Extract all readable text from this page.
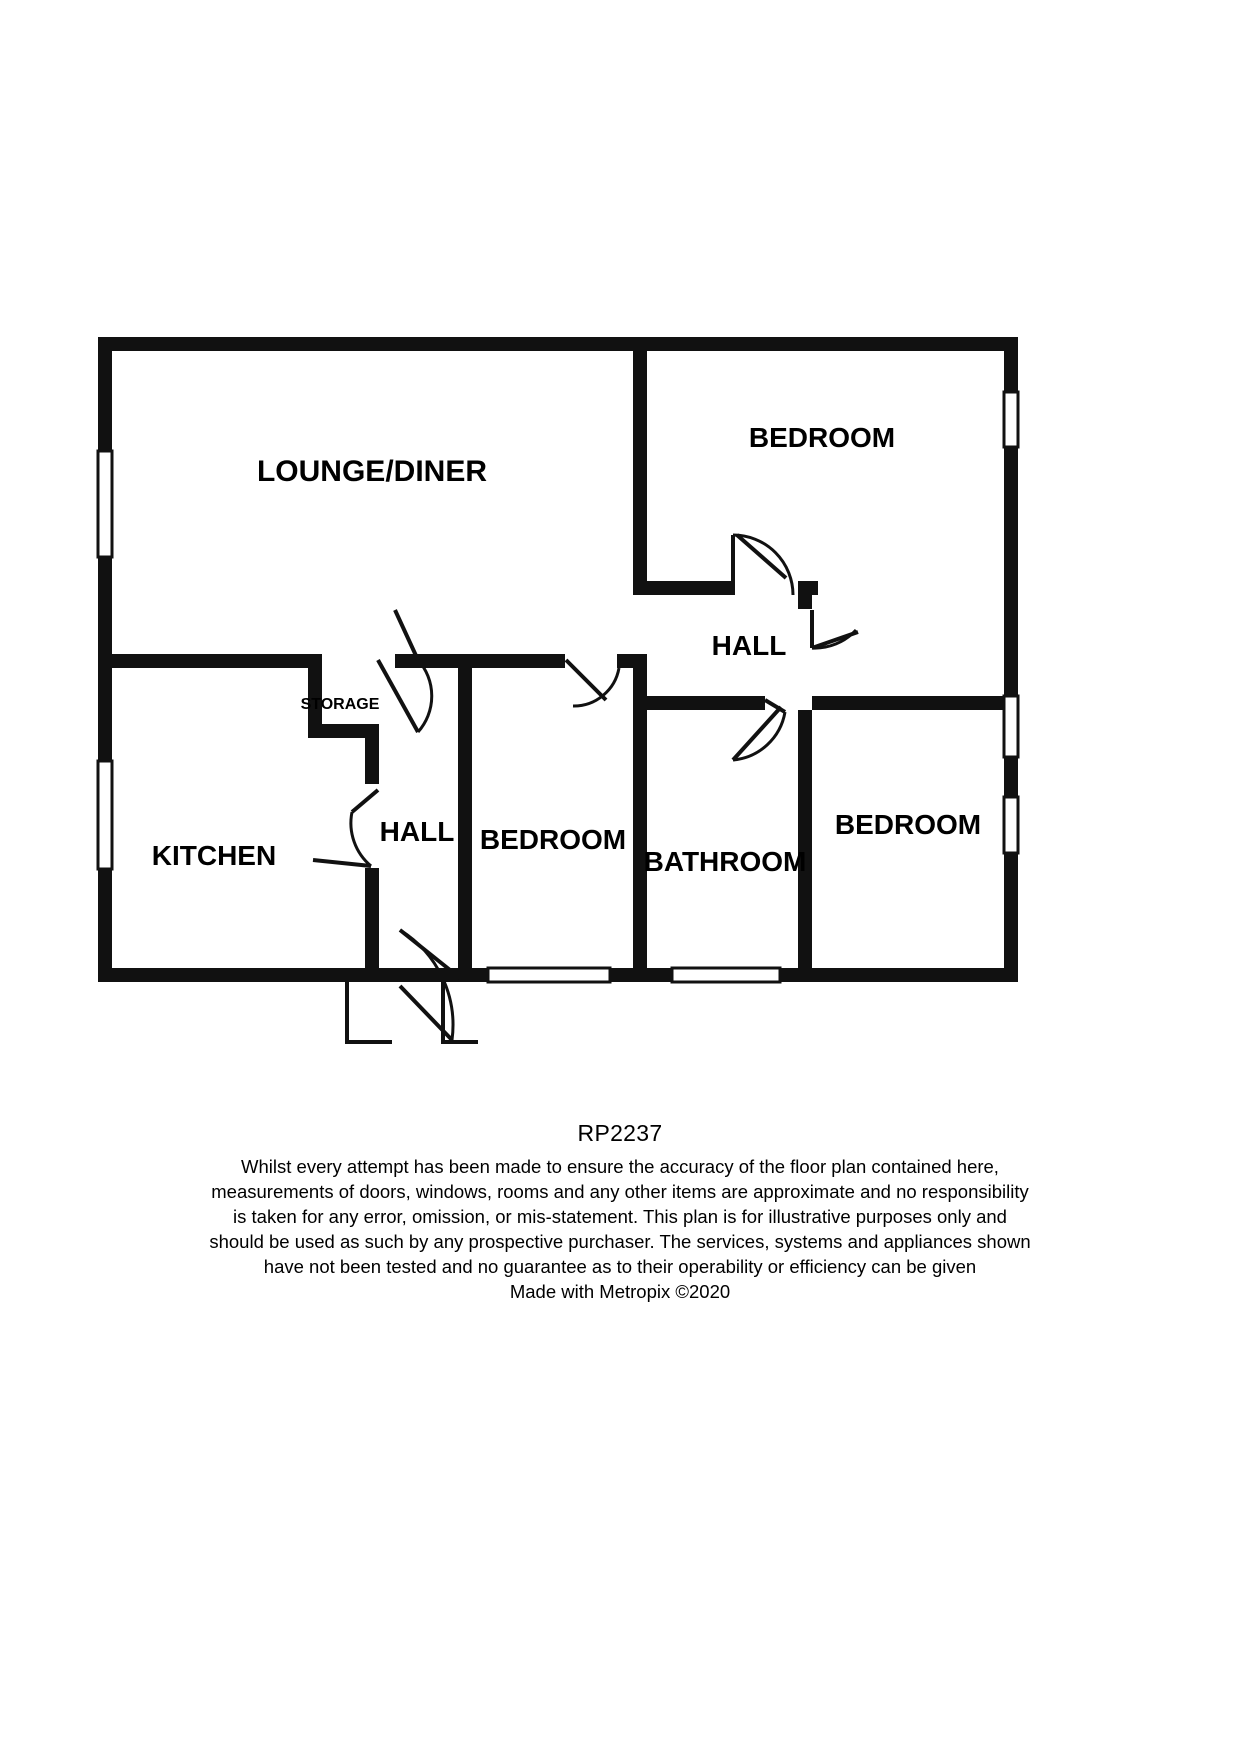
LOUNGE/DINER
BEDROOM
HALL
STORAGE
KITCHEN
HALL BEDROOM
BATHROOM
BEDROOM
RP2237
Whilst every attempt has been made to ensure the accuracy of the floor plan contained here, measurements of doors, windows, rooms and any other items are approximate and no responsibility is taken for any error, omission, or mis-statement. This plan is for illustrative purposes only and should be used as such by any prospective purchaser. The services, systems and appliances shown have not been tested and no guarantee as to their operability or efficiency can be given
Made with Metropix ©2020
